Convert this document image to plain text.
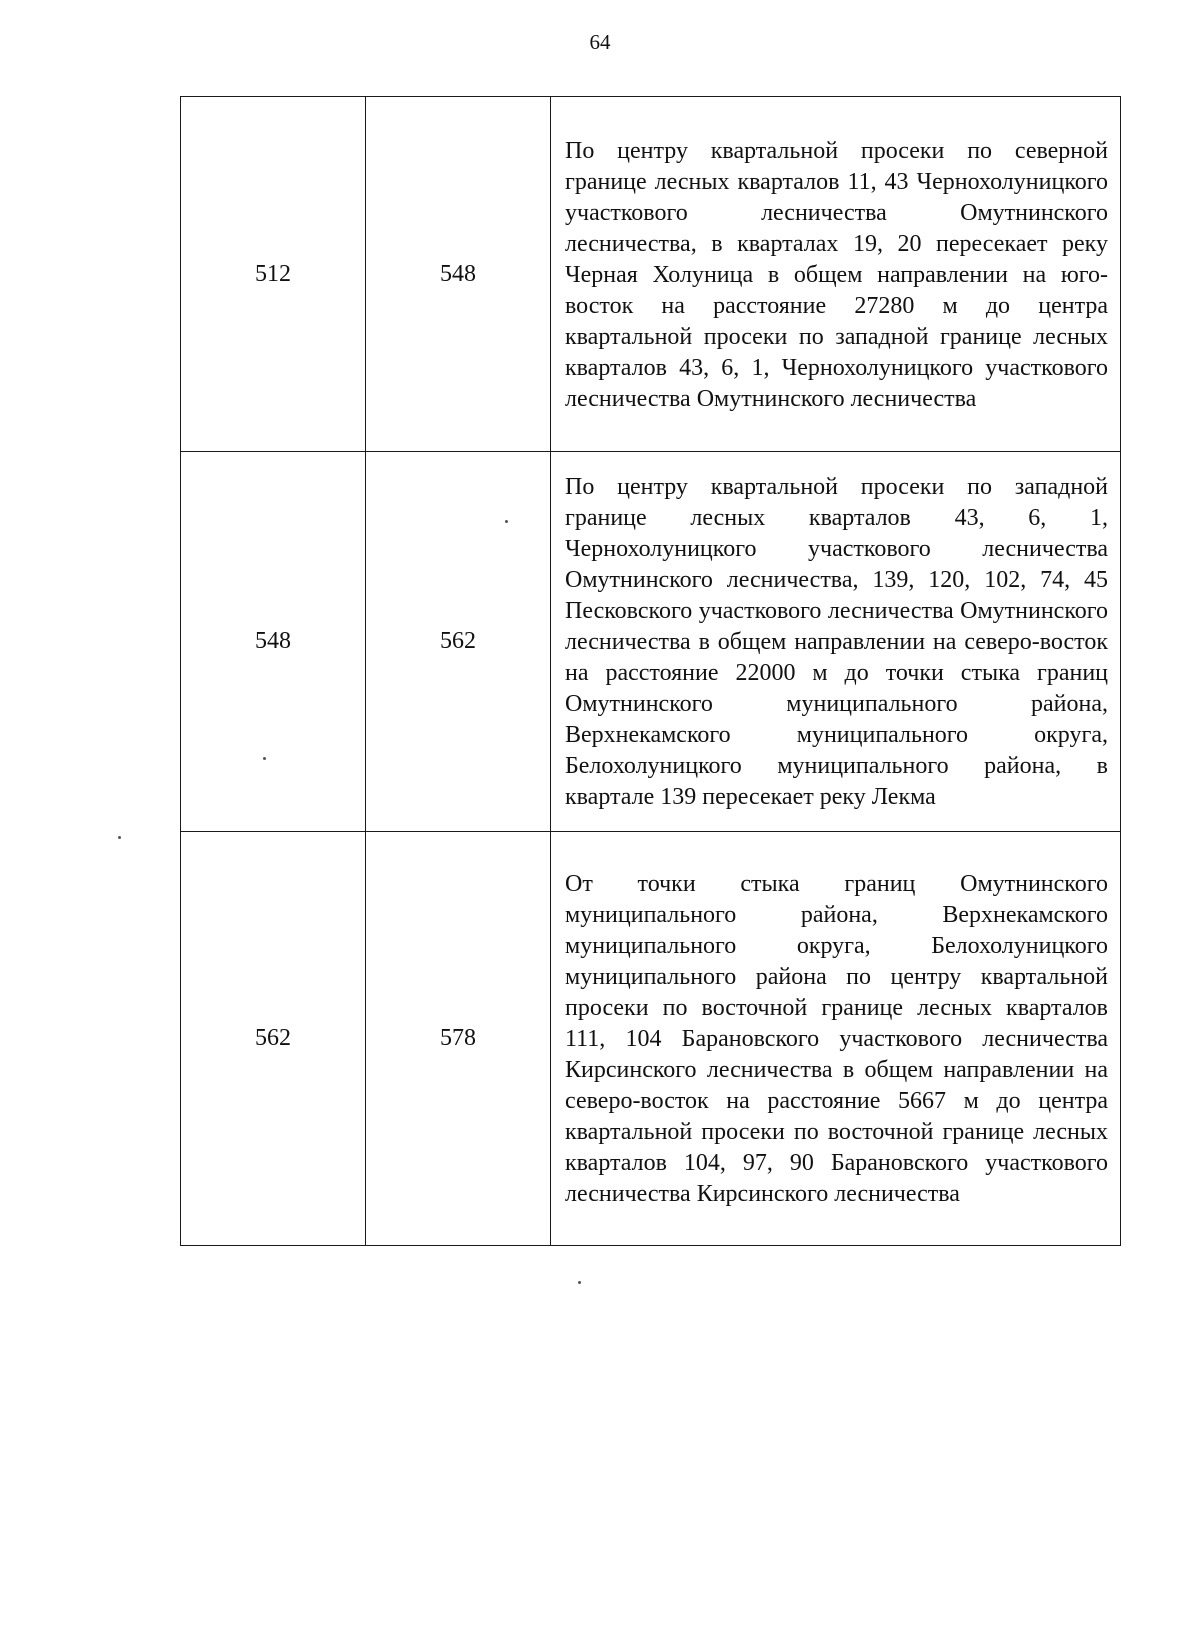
64
512	548	По центру квартальной просеки по северной границе лесных кварталов 11, 43 Чернохолуницкого участкового лесничества Омутнинского лесничества, в кварталах 19, 20 пересекает реку Черная Холуница в общем направлении на юго-восток на расстояние 27280 м до центра квартальной просеки по западной границе лесных кварталов 43, 6, 1, Чернохолуницкого участкового лесничества Омутнинского лесничества
548	562	По центру квартальной просеки по западной границе лесных кварталов 43, 6, 1, Чернохолуницкого участкового лесничества Омутнинского лесничества, 139, 120, 102, 74, 45 Песковского участкового лесничества Омутнинского лесничества в общем направлении на северо-восток на расстояние 22000 м до точки стыка границ Омутнинского муниципального района, Верхнекамского муниципального округа, Белохолуницкого муниципального района, в квартале 139 пересекает реку Лекма
562	578	От точки стыка границ Омутнинского муниципального района, Верхнекамского муниципального округа, Белохолуницкого муниципального района по центру квартальной просеки по восточной границе лесных кварталов 111, 104 Барановского участкового лесничества Кирсинского лесничества в общем направлении на северо-восток на расстояние 5667 м до центра квартальной просеки по восточной границе лесных кварталов 104, 97, 90 Барановского участкового лесничества Кирсинского лесничества
